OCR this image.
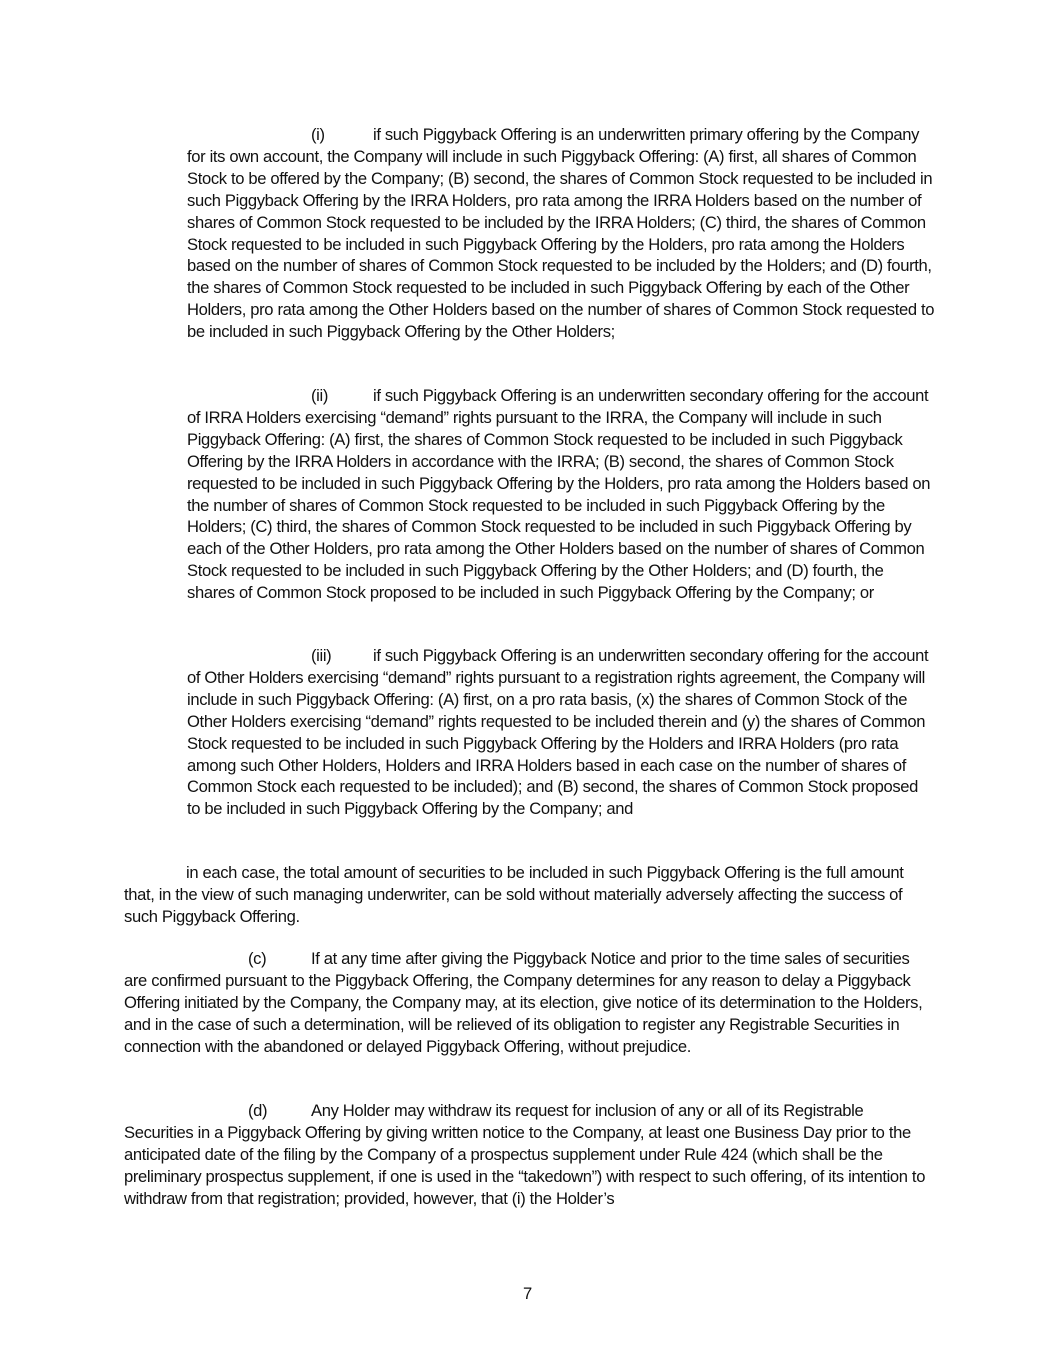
(i)	if such Piggyback Offering is an underwritten primary offering by the Company for its own account, the Company will include in such Piggyback Offering: (A) first, all shares of Common Stock to be offered by the Company; (B) second, the shares of Common Stock requested to be included in such Piggyback Offering by the IRRA Holders, pro rata among the IRRA Holders based on the number of shares of Common Stock requested to be included by the IRRA Holders; (C) third, the shares of Common Stock requested to be included in such Piggyback Offering by the Holders, pro rata among the Holders based on the number of shares of Common Stock requested to be included by the Holders; and (D) fourth, the shares of Common Stock requested to be included in such Piggyback Offering by each of the Other Holders, pro rata among the Other Holders based on the number of shares of Common Stock requested to be included in such Piggyback Offering by the Other Holders;

(ii)	if such Piggyback Offering is an underwritten secondary offering for the account of IRRA Holders exercising “demand” rights pursuant to the IRRA, the Company will include in such Piggyback Offering: (A) first, the shares of Common Stock requested to be included in such Piggyback Offering by the IRRA Holders in accordance with the IRRA; (B) second, the shares of Common Stock requested to be included in such Piggyback Offering by the Holders, pro rata among the Holders based on the number of shares of Common Stock requested to be included in such Piggyback Offering by the Holders; (C) third, the shares of Common Stock requested to be included in such Piggyback Offering by each of the Other Holders, pro rata among the Other Holders based on the number of shares of Common Stock requested to be included in such Piggyback Offering by the Other Holders; and (D) fourth, the shares of Common Stock proposed to be included in such Piggyback Offering by the Company; or

(iii)	if such Piggyback Offering is an underwritten secondary offering for the account of Other Holders exercising “demand” rights pursuant to a registration rights agreement, the Company will include in such Piggyback Offering: (A) first, on a pro rata basis, (x) the shares of Common Stock of the Other Holders exercising “demand” rights requested to be included therein and (y) the shares of Common Stock requested to be included in such Piggyback Offering by the Holders and IRRA Holders (pro rata among such Other Holders, Holders and IRRA Holders based in each case on the number of shares of Common Stock each requested to be included); and (B) second, the shares of Common Stock proposed to be included in such Piggyback Offering by the Company; and

in each case, the total amount of securities to be included in such Piggyback Offering is the full amount that, in the view of such managing underwriter, can be sold without materially adversely affecting the success of such Piggyback Offering.

(c)	If at any time after giving the Piggyback Notice and prior to the time sales of securities are confirmed pursuant to the Piggyback Offering, the Company determines for any reason to delay a Piggyback Offering initiated by the Company, the Company may, at its election, give notice of its determination to the Holders, and in the case of such a determination, will be relieved of its obligation to register any Registrable Securities in connection with the abandoned or delayed Piggyback Offering, without prejudice.

(d)	Any Holder may withdraw its request for inclusion of any or all of its Registrable Securities in a Piggyback Offering by giving written notice to the Company, at least one Business Day prior to the anticipated date of the filing by the Company of a prospectus supplement under Rule 424 (which shall be the preliminary prospectus supplement, if one is used in the “takedown”) with respect to such offering, of its intention to withdraw from that registration; provided, however, that (i) the Holder’s

7
